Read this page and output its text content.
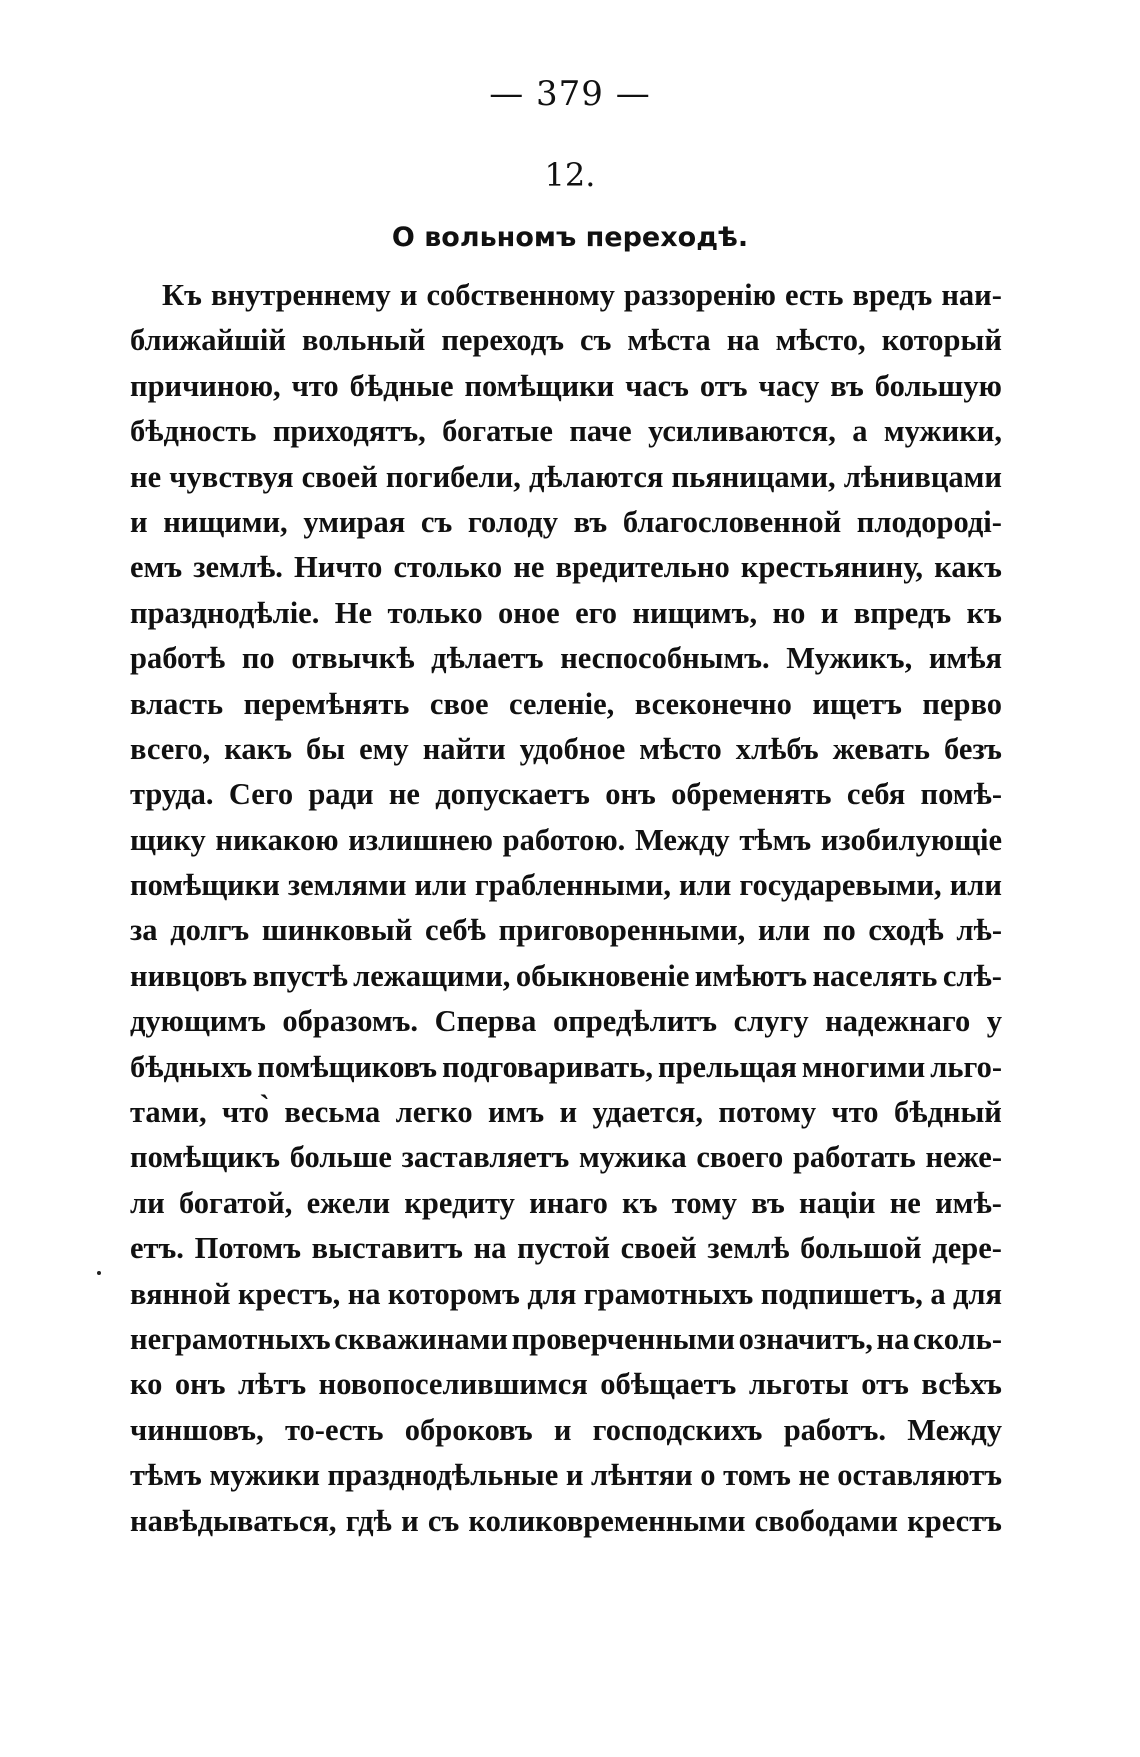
— 379 —
12.
О вольномъ переходѣ.
Къ внутреннему и собственному раззоренiю есть вредъ наи-
ближайшiй вольный переходъ съ мѣста на мѣсто, который
причиною, что бѣдные помѣщики часъ отъ часу въ большую
бѣдность приходятъ, богатые паче усиливаются, а мужики,
не чувствуя своей погибели, дѣлаются пьяницами, лѣнивцами
и нищими, умирая съ голоду въ благословенной плодородi-
емъ землѣ. Ничто столько не вредительно крестьянину, какъ
празднодѣлiе. Не только оное его нищимъ, но и впредъ къ
работѣ по отвычкѣ дѣлаетъ неспособнымъ. Мужикъ, имѣя
власть перемѣнять свое селенiе, всеконечно ищетъ перво
всего, какъ бы ему найти удобное мѣсто хлѣбъ жевать безъ
труда. Сего ради не допускаетъ онъ обременять себя помѣ-
щику никакою излишнею работою. Между тѣмъ изобилующiе
помѣщики землями или грабленными, или государевыми, или
за долгъ шинковый себѣ приговоренными, или по сходѣ лѣ-
нивцовъ впустѣ лежащими, обыкновенiе имѣютъ населять слѣ-
дующимъ образомъ. Сперва опредѣлитъ слугу надежнаго у
бѣдныхъ помѣщиковъ подговаривать, прельщая многими льго-
тами, что̀ весьма легко имъ и удается, потому что бѣдный
помѣщикъ больше заставляетъ мужика своего работать неже-
ли богатой, ежели кредиту инаго къ тому въ нацiи не имѣ-
етъ. Потомъ выставитъ на пустой своей землѣ большой дере-
вянной крестъ, на которомъ для грамотныхъ подпишетъ, а для
неграмотныхъ скважинами проверченными означитъ, на сколь-
ко онъ лѣтъ новопоселившимся обѣщаетъ льготы отъ всѣхъ
чиншовъ, то-есть оброковъ и господскихъ работъ. Между
тѣмъ мужики празднодѣльные и лѣнтяи о томъ не оставляютъ
навѣдываться, гдѣ и съ коликовременными свободами крестъ
